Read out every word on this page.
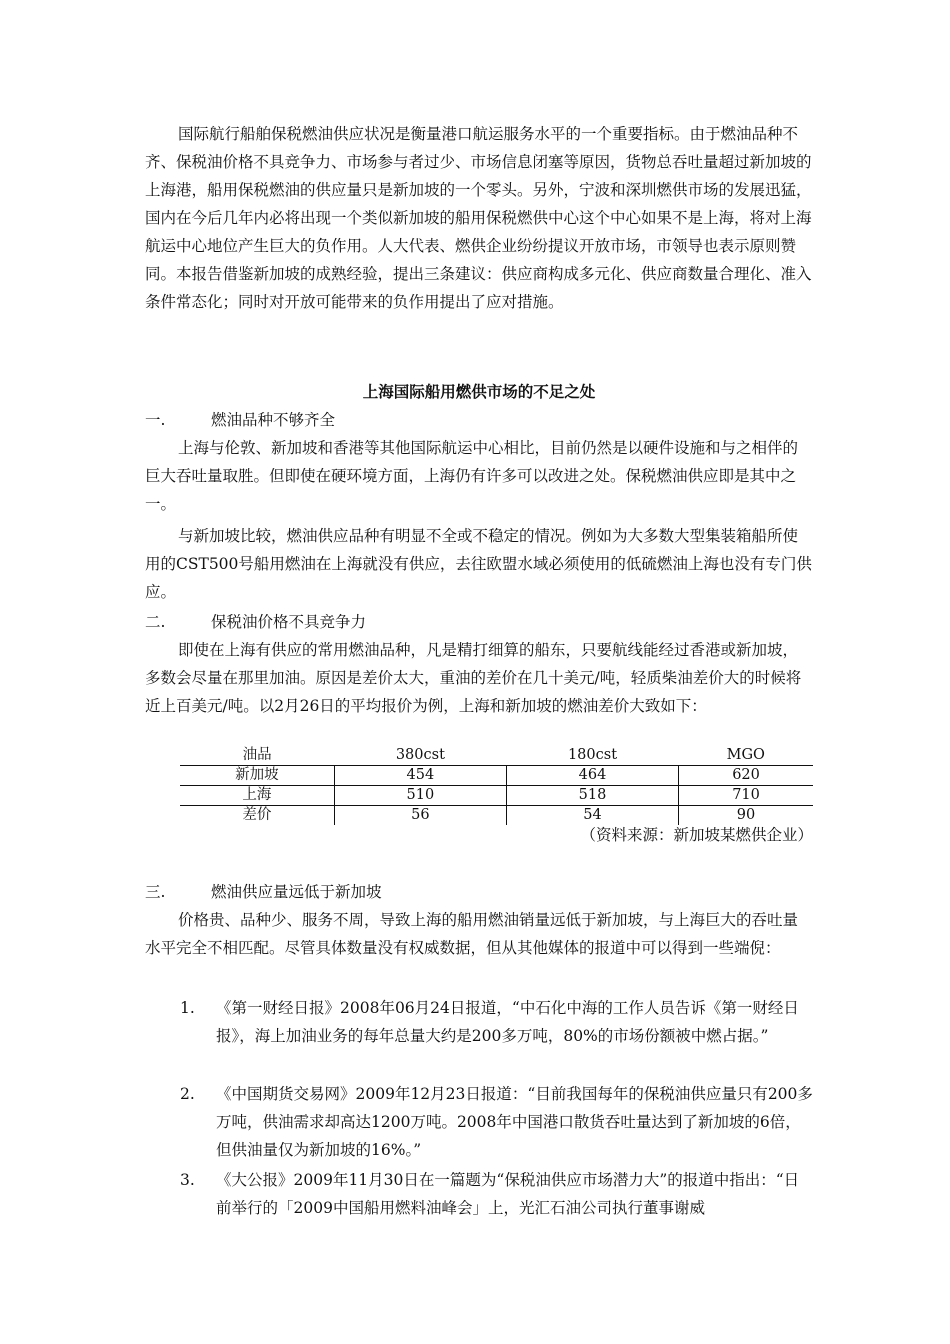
国际航行船舶保税燃油供应状况是衡量港口航运服务水平的一个重要指标。由于燃油品种不齐、保税油价格不具竞争力、市场参与者过少、市场信息闭塞等原因，货物总吞吐量超过新加坡的上海港，船用保税燃油的供应量只是新加坡的一个零头。另外，宁波和深圳燃供市场的发展迅猛，国内在今后几年内必将出现一个类似新加坡的船用保税燃供中心这个中心如果不是上海，将对上海航运中心地位产生巨大的负作用。人大代表、燃供企业纷纷提议开放市场，市领导也表示原则赞同。本报告借鉴新加坡的成熟经验，提出三条建议：供应商构成多元化、供应商数量合理化、准入条件常态化；同时对开放可能带来的负作用提出了应对措施。
上海国际船用燃供市场的不足之处
一.	燃油品种不够齐全
上海与伦敦、新加坡和香港等其他国际航运中心相比，目前仍然是以硬件设施和与之相伴的巨大吞吐量取胜。但即使在硬环境方面，上海仍有许多可以改进之处。保税燃油供应即是其中之一。
与新加坡比较，燃油供应品种有明显不全或不稳定的情况。例如为大多数大型集装箱船所使用的CST500号船用燃油在上海就没有供应，去往欧盟水域必须使用的低硫燃油上海也没有专门供应。
二.	保税油价格不具竞争力
即使在上海有供应的常用燃油品种，凡是精打细算的船东，只要航线能经过香港或新加坡，多数会尽量在那里加油。原因是差价太大，重油的差价在几十美元/吨，轻质柴油差价大的时候将近上百美元/吨。以2月26日的平均报价为例，上海和新加坡的燃油差价大致如下：
油品	380cst	180cst	MGO
新加坡	454	464	620
上海	510	518	710
差价	56	54	90
（资料来源：新加坡某燃供企业）
三.	燃油供应量远低于新加坡
价格贵、品种少、服务不周，导致上海的船用燃油销量远低于新加坡，与上海巨大的吞吐量水平完全不相匹配。尽管具体数量没有权威数据，但从其他媒体的报道中可以得到一些端倪：
1. 《第一财经日报》2008年06月24日报道，“中石化中海的工作人员告诉《第一财经日报》，海上加油业务的每年总量大约是200多万吨，80%的市场份额被中燃占据。”
2. 《中国期货交易网》2009年12月23日报道：“目前我国每年的保税油供应量只有200多万吨，供油需求却高达1200万吨。2008年中国港口散货吞吐量达到了新加坡的6倍，但供油量仅为新加坡的16%。”
3. 《大公报》2009年11月30日在一篇题为“保税油供应市场潜力大”的报道中指出：“日前举行的「2009中国船用燃料油峰会」上，光汇石油公司执行董事谢威
